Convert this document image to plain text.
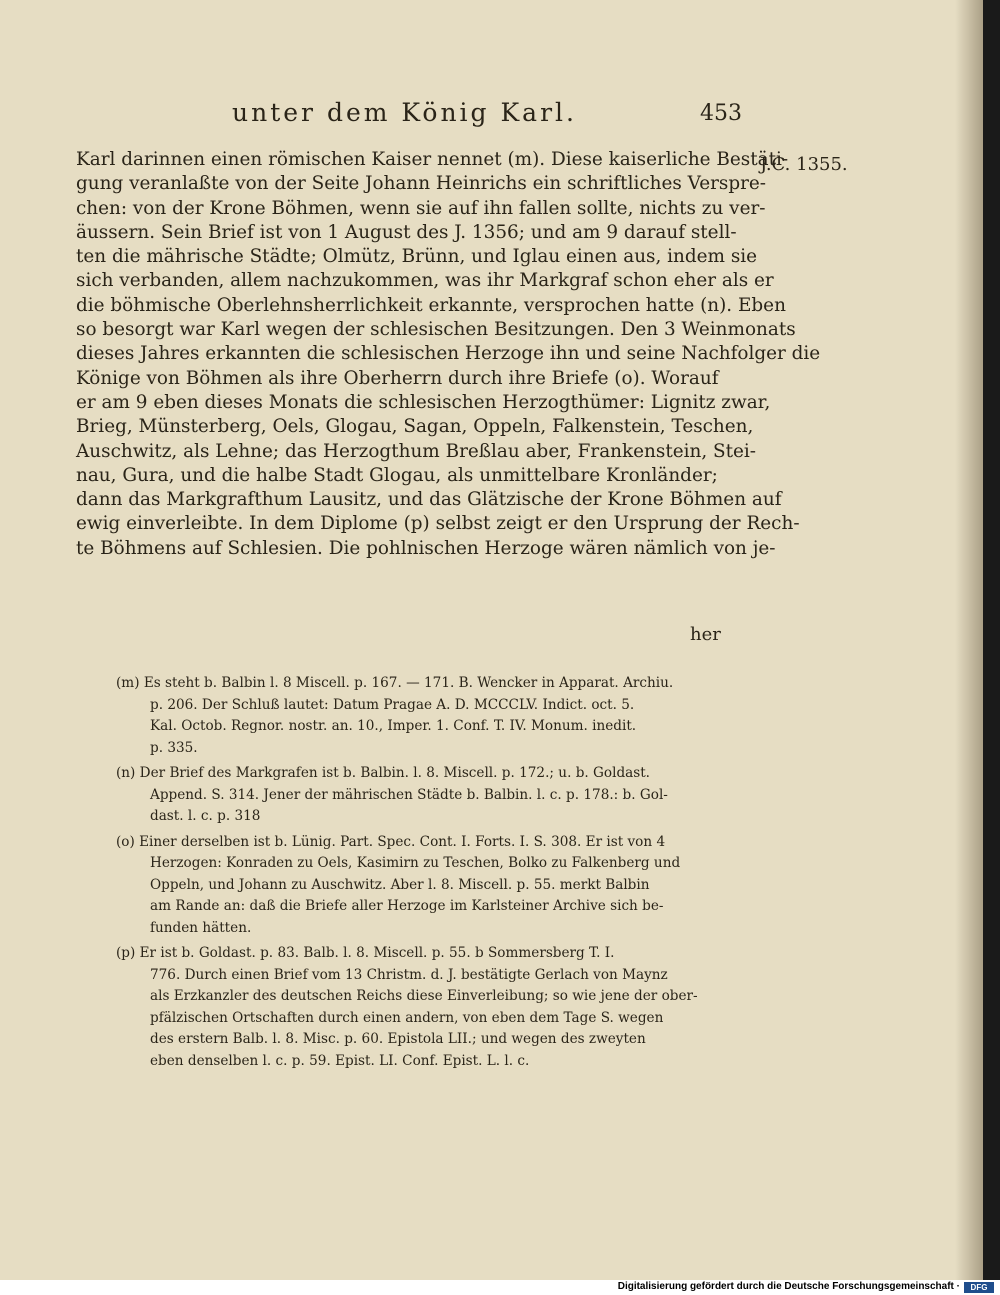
unter dem König Karl.	453
J.C. 1355.

Karl darinnen einen römischen Kaiser nennet (m). Diese kaiserliche Bestäti-
gung veranlaßte von der Seite Johann Heinrichs ein schriftliches Verspre-
chen: von der Krone Böhmen, wenn sie auf ihn fallen sollte, nichts zu ver-
äussern. Sein Brief ist von 1 August des J. 1356; und am 9 darauf stell-
ten die mährische Städte; Olmütz, Brünn, und Iglau einen aus, indem sie
sich verbanden, allem nachzukommen, was ihr Markgraf schon eher als er
die böhmische Oberlehnsherrlichkeit erkannte, versprochen hatte (n). Eben
so besorgt war Karl wegen der schlesischen Besitzungen. Den 3 Weinmonats
dieses Jahres erkannten die schlesischen Herzoge ihn und seine Nachfolger die
Könige von Böhmen als ihre Oberherrn durch ihre Briefe (o). Worauf
er am 9 eben dieses Monats die schlesischen Herzogthümer: Lignitz zwar,
Brieg, Münsterberg, Oels, Glogau, Sagan, Oppeln, Falkenstein, Teschen,
Auschwitz, als Lehne; das Herzogthum Breßlau aber, Frankenstein, Stei-
nau, Gura, und die halbe Stadt Glogau, als unmittelbare Kronländer;
dann das Markgrafthum Lausitz, und das Glätzische der Krone Böhmen auf
ewig einverleibte. In dem Diplome (p) selbst zeigt er den Ursprung der Rech-
te Böhmens auf Schlesien. Die pohlnischen Herzoge wären nämlich von je-

her
(m) Es steht b. Balbin l. 8 Miscell. p. 167. — 171. B. Wencker in Apparat. Archiu.
p. 206. Der Schluß lautet: Datum Pragae A. D. MCCCLV. Indict. oct. 5.
Kal. Octob. Regnor. nostr. an. 10., Imper. 1. Conf. T. IV. Monum. inedit.
p. 335.
(n) Der Brief des Markgrafen ist b. Balbin. l. 8. Miscell. p. 172.; u. b. Goldast.
Append. S. 314. Jener der mährischen Städte b. Balbin. l. c. p. 178.: b. Gol-
dast. l. c. p. 318
(o) Einer derselben ist b. Lünig. Part. Spec. Cont. I. Forts. I. S. 308. Er ist von 4
Herzogen: Konraden zu Oels, Kasimirn zu Teschen, Bolko zu Falkenberg und
Oppeln, und Johann zu Auschwitz. Aber l. 8. Miscell. p. 55. merkt Balbin
am Rande an: daß die Briefe aller Herzoge im Karlsteiner Archive sich be-
funden hätten.
(p) Er ist b. Goldast. p. 83. Balb. l. 8. Miscell. p. 55. b Sommersberg T. I.
776. Durch einen Brief vom 13 Christm. d. J. bestätigte Gerlach von Maynz
als Erzkanzler des deutschen Reichs diese Einverleibung; so wie jene der ober-
pfälzischen Ortschaften durch einen andern, von eben dem Tage S. wegen
des erstern Balb. l. 8. Misc. p. 60. Epistola LII.; und wegen des zweyten
eben denselben l. c. p. 59. Epist. LI. Conf. Epist. L. l. c.
Digitalisierung gefördert durch die Deutsche Forschungsgemeinschaft ·	DFG
